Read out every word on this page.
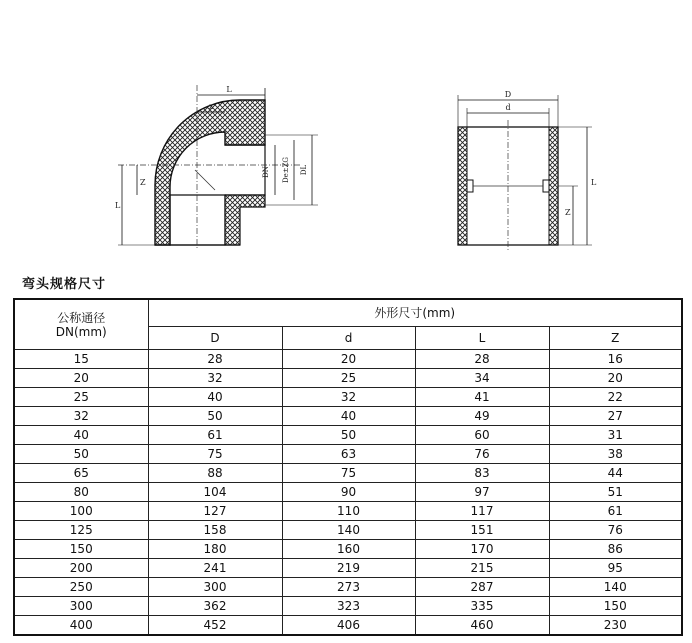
L
z
Z
L
DN De±ZG DL
D
d
L
Z
弯头规格尺寸
公称通径
DN(mm)	外形尺寸(mm)			
	D	d	L	Z
15	28	20	28	16
20	32	25	34	20
25	40	32	41	22
32	50	40	49	27
40	61	50	60	31
50	75	63	76	38
65	88	75	83	44
80	104	90	97	51
100	127	110	117	61
125	158	140	151	76
150	180	160	170	86
200	241	219	215	95
250	300	273	287	140
300	362	323	335	150
400	452	406	460	230
